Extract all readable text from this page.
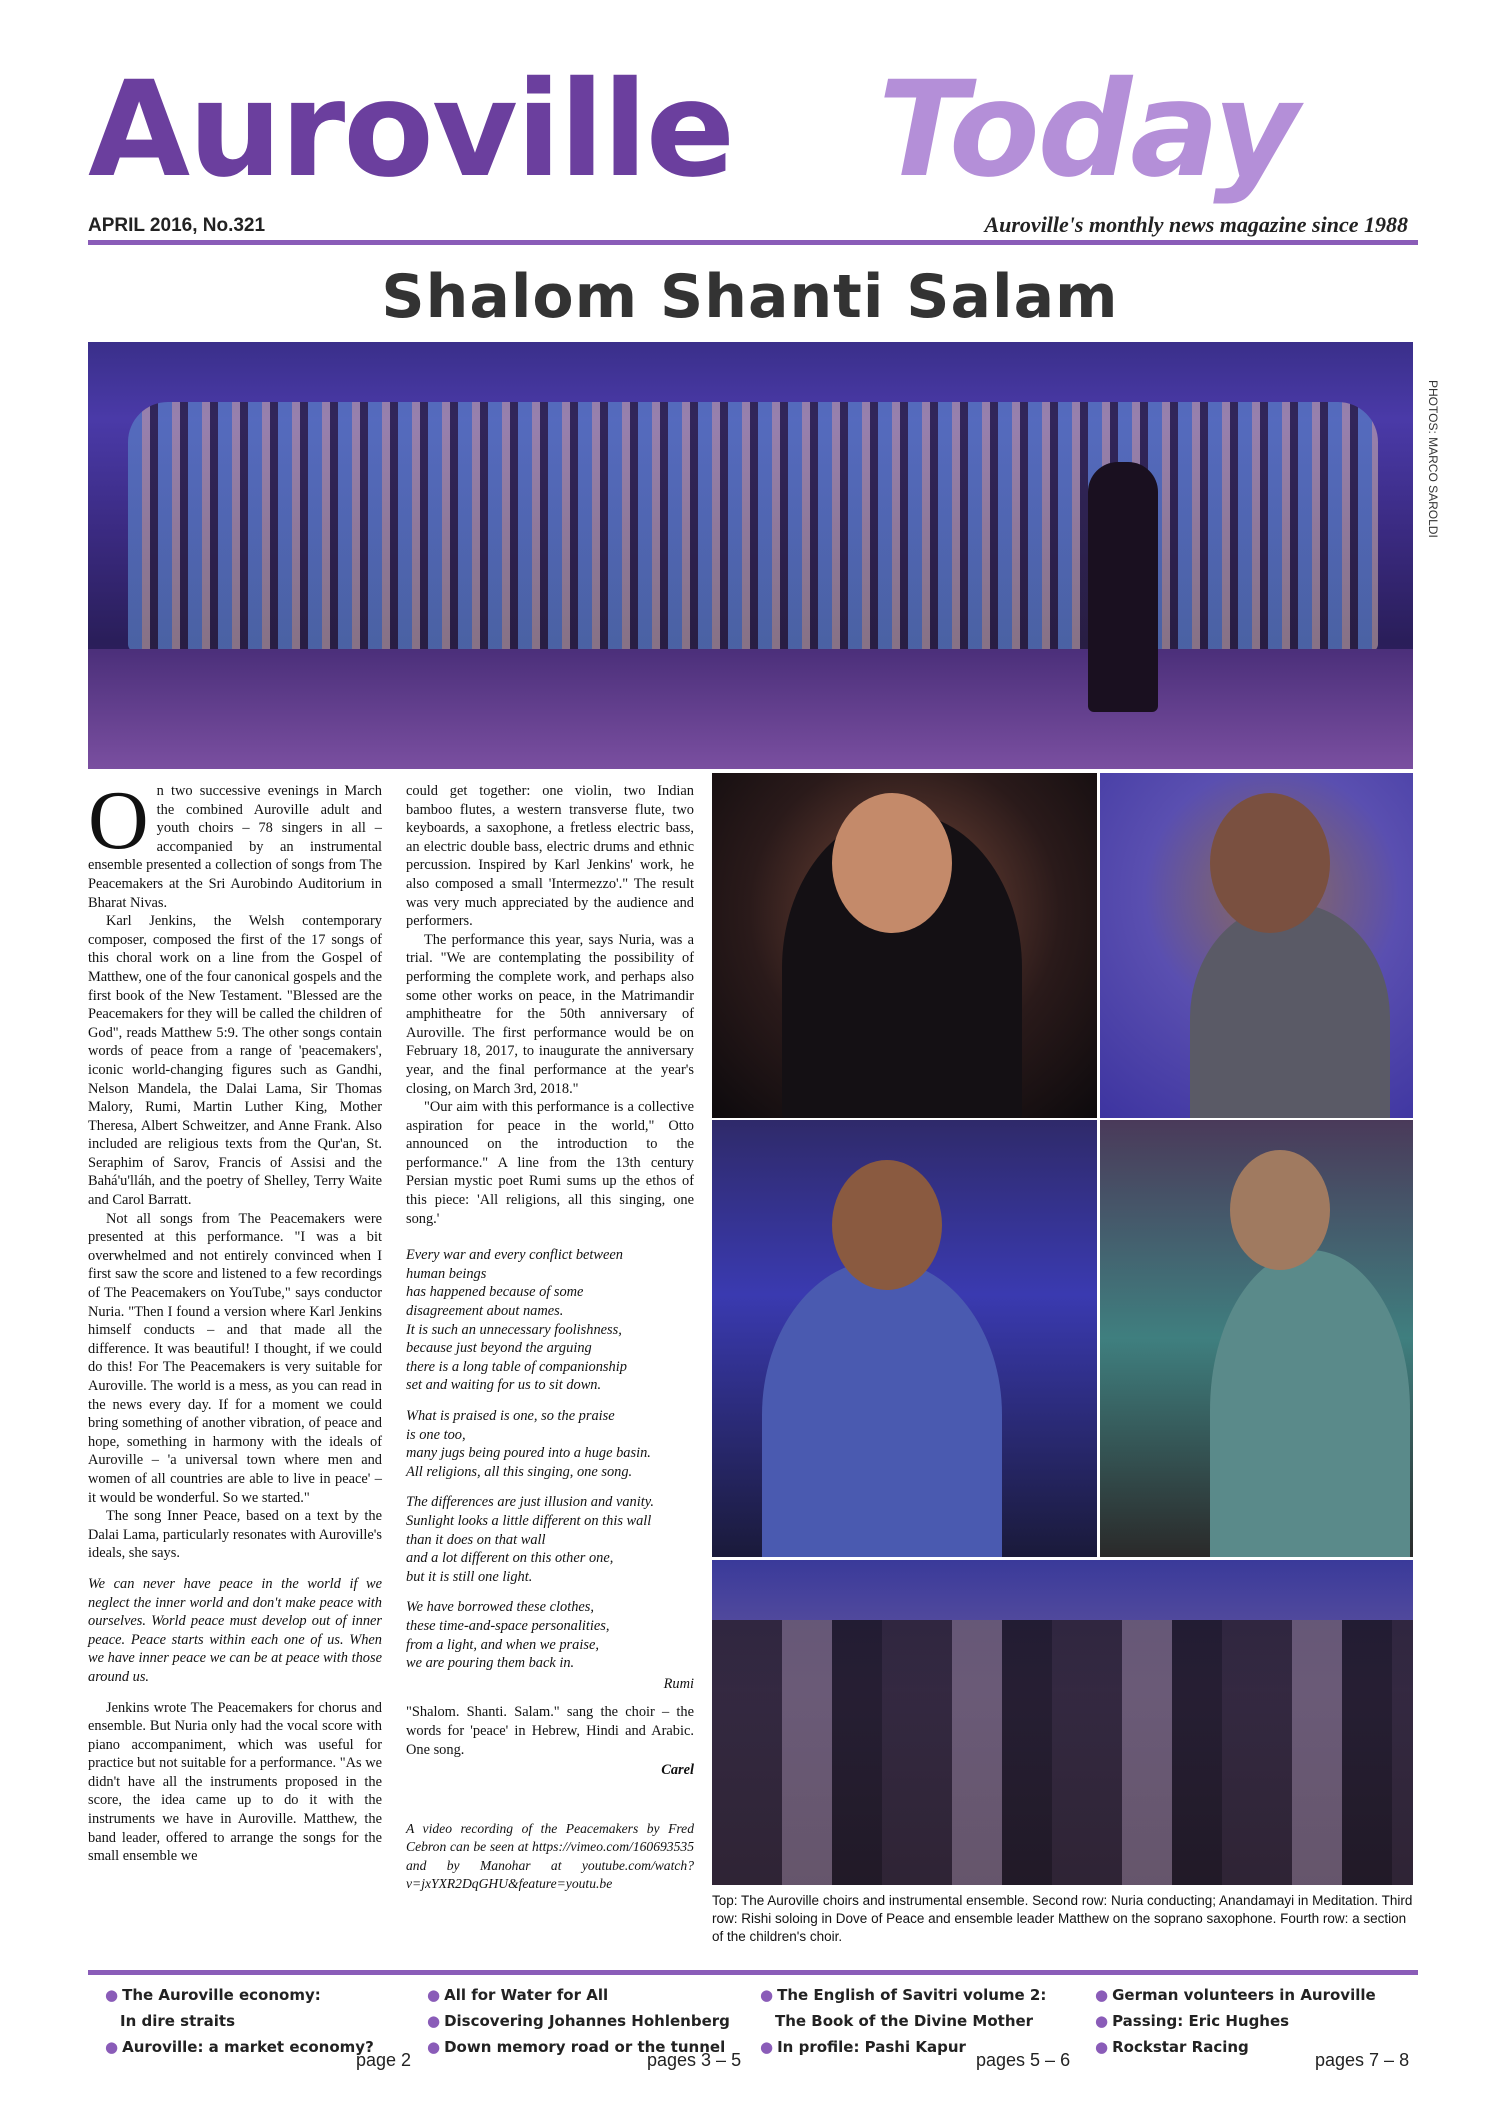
Auroville Today
APRIL 2016, No.321	Auroville's monthly news magazine since 1988
Shalom Shanti Salam
PHOTOS: MARCO SAROLDI
Top: The Auroville choirs and instrumental ensemble. Second row: Nuria conducting; Anandamayi in Meditation. Third row: Rishi soloing in Dove of Peace and ensemble leader Matthew on the soprano saxophone. Fourth row: a section of the children's choir.

On two successive evenings in March the combined Auroville adult and youth choirs – 78 singers in all – accompanied by an instrumental ensemble presented a collection of songs from The Peacemakers at the Sri Aurobindo Auditorium in Bharat Nivas.

Karl Jenkins, the Welsh contemporary composer, composed the first of the 17 songs of this choral work on a line from the Gospel of Matthew, one of the four canonical gospels and the first book of the New Testament. "Blessed are the Peacemakers for they will be called the children of God", reads Matthew 5:9. The other songs contain words of peace from a range of 'peacemakers', iconic world-changing figures such as Gandhi, Nelson Mandela, the Dalai Lama, Sir Thomas Malory, Rumi, Martin Luther King, Mother Theresa, Albert Schweitzer, and Anne Frank. Also included are religious texts from the Qur'an, St. Seraphim of Sarov, Francis of Assisi and the Bahá'u'lláh, and the poetry of Shelley, Terry Waite and Carol Barratt.

Not all songs from The Peacemakers were presented at this performance. "I was a bit overwhelmed and not entirely convinced when I first saw the score and listened to a few recordings of The Peacemakers on YouTube," says conductor Nuria. "Then I found a version where Karl Jenkins himself conducts – and that made all the difference. It was beautiful! I thought, if we could do this! For The Peacemakers is very suitable for Auroville. The world is a mess, as you can read in the news every day. If for a moment we could bring something of another vibration, of peace and hope, something in harmony with the ideals of Auroville – 'a universal town where men and women of all countries are able to live in peace' – it would be wonderful. So we started."

The song Inner Peace, based on a text by the Dalai Lama, particularly resonates with Auroville's ideals, she says.

We can never have peace in the world if we neglect the inner world and don't make peace with ourselves. World peace must develop out of inner peace. Peace starts within each one of us. When we have inner peace we can be at peace with those around us.

Jenkins wrote The Peacemakers for chorus and ensemble. But Nuria only had the vocal score with piano accompaniment, which was useful for practice but not suitable for a performance. "As we didn't have all the instruments proposed in the score, the idea came up to do it with the instruments we have in Auroville. Matthew, the band leader, offered to arrange the songs for the small ensemble we

could get together: one violin, two Indian bamboo flutes, a western transverse flute, two keyboards, a saxophone, a fretless electric bass, an electric double bass, electric drums and ethnic percussion. Inspired by Karl Jenkins' work, he also composed a small 'Intermezzo'." The result was very much appreciated by the audience and performers.

The performance this year, says Nuria, was a trial. "We are contemplating the possibility of performing the complete work, and perhaps also some other works on peace, in the Matrimandir amphitheatre for the 50th anniversary of Auroville. The first performance would be on February 18, 2017, to inaugurate the anniversary year, and the final performance at the year's closing, on March 3rd, 2018."

"Our aim with this performance is a collective aspiration for peace in the world," Otto announced on the introduction to the performance." A line from the 13th century Persian mystic poet Rumi sums up the ethos of this piece: 'All religions, all this singing, one song.'

Every war and every conflict between
human beings
has happened because of some
disagreement about names.
It is such an unnecessary foolishness,
because just beyond the arguing
there is a long table of companionship
set and waiting for us to sit down.

What is praised is one, so the praise
is one too,
many jugs being poured into a huge basin.
All religions, all this singing, one song.

The differences are just illusion and vanity.
Sunlight looks a little different on this wall
than it does on that wall
and a lot different on this other one,
but it is still one light.

We have borrowed these clothes,
these time-and-space personalities,
from a light, and when we praise,
we are pouring them back in.

Rumi

"Shalom. Shanti. Salam." sang the choir – the words for 'peace' in Hebrew, Hindi and Arabic. One song.

Carel

A video recording of the Peacemakers by Fred Cebron can be seen at https://vimeo.com/160693535 and by Manohar at youtube.com/watch?v=jxYXR2DqGHU&feature=youtu.be

● The Auroville economy:
In dire straits
● Auroville: a market economy?
page 2
● All for Water for All
● Discovering Johannes Hohlenberg
● Down memory road or the tunnel
pages 3 – 5
● The English of Savitri volume 2:
The Book of the Divine Mother
● In profile: Pashi Kapur
pages 5 – 6
● German volunteers in Auroville
● Passing: Eric Hughes
● Rockstar Racing
pages 7 – 8
